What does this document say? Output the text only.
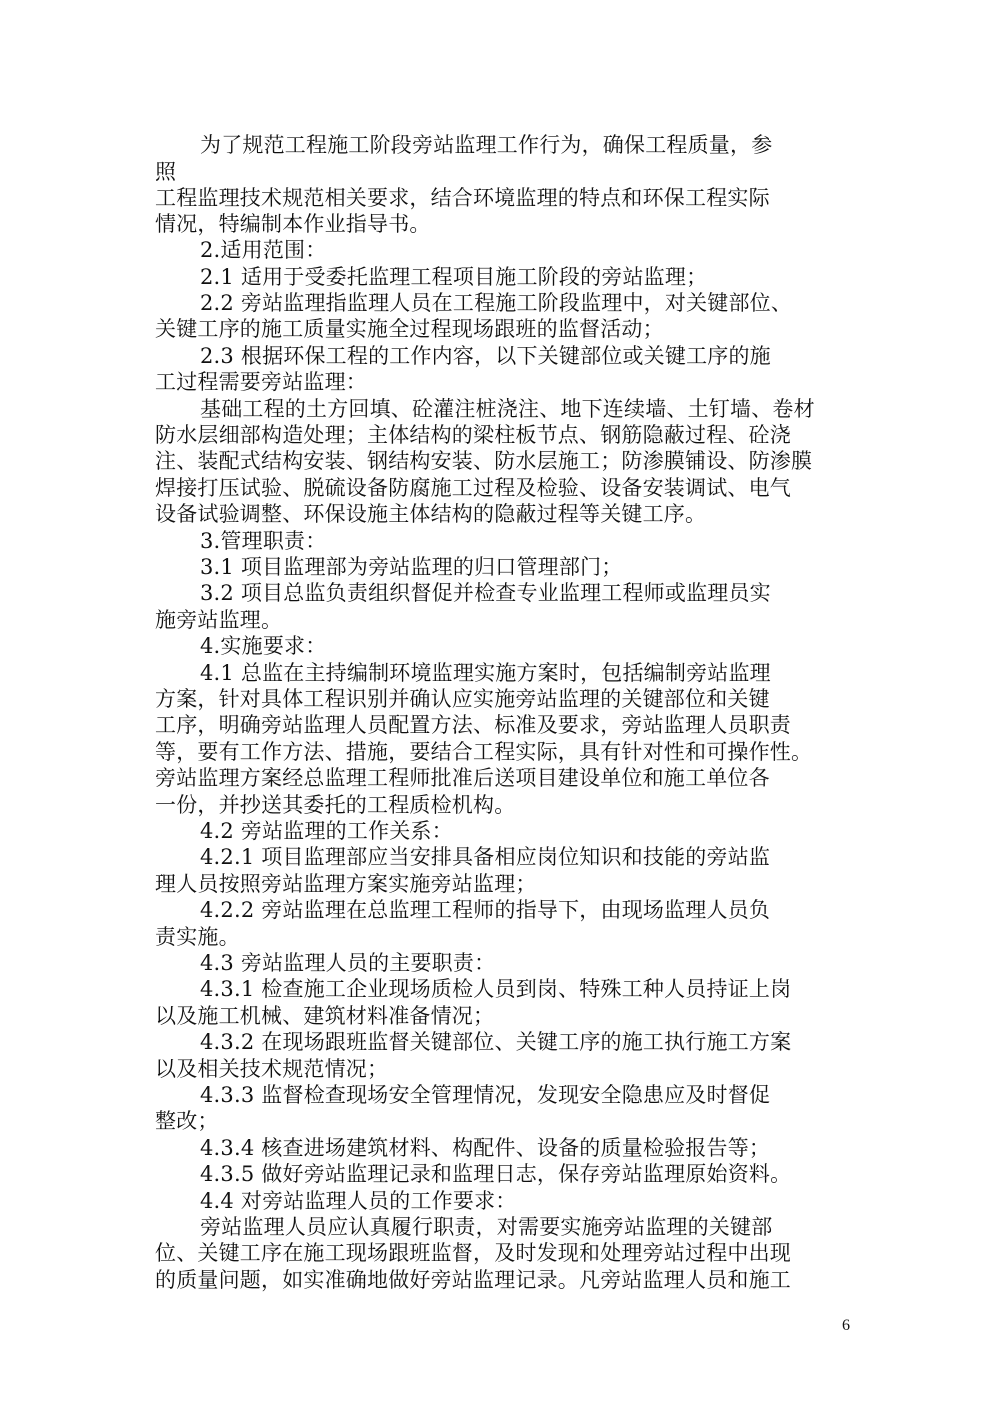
为了规范工程施工阶段旁站监理工作行为，确保工程质量，参
照
工程监理技术规范相关要求，结合环境监理的特点和环保工程实际
情况，特编制本作业指导书。
2.适用范围：
2.1 适用于受委托监理工程项目施工阶段的旁站监理；
2.2 旁站监理指监理人员在工程施工阶段监理中，对关键部位、
关键工序的施工质量实施全过程现场跟班的监督活动；
2.3 根据环保工程的工作内容，以下关键部位或关键工序的施
工过程需要旁站监理：
基础工程的土方回填、砼灌注桩浇注、地下连续墙、土钉墙、卷材
防水层细部构造处理；主体结构的梁柱板节点、钢筋隐蔽过程、砼浇
注、装配式结构安装、钢结构安装、防水层施工；防渗膜铺设、防渗膜
焊接打压试验、脱硫设备防腐施工过程及检验、设备安装调试、电气
设备试验调整、环保设施主体结构的隐蔽过程等关键工序。
3.管理职责：
3.1 项目监理部为旁站监理的归口管理部门；
3.2 项目总监负责组织督促并检查专业监理工程师或监理员实
施旁站监理。
4.实施要求：
4.1 总监在主持编制环境监理实施方案时，包括编制旁站监理
方案，针对具体工程识别并确认应实施旁站监理的关键部位和关键
工序，明确旁站监理人员配置方法、标准及要求，旁站监理人员职责
等，要有工作方法、措施，要结合工程实际，具有针对性和可操作性。
旁站监理方案经总监理工程师批准后送项目建设单位和施工单位各
一份，并抄送其委托的工程质检机构。
4.2 旁站监理的工作关系：
4.2.1 项目监理部应当安排具备相应岗位知识和技能的旁站监
理人员按照旁站监理方案实施旁站监理；
4.2.2 旁站监理在总监理工程师的指导下，由现场监理人员负
责实施。
4.3 旁站监理人员的主要职责：
4.3.1 检查施工企业现场质检人员到岗、特殊工种人员持证上岗
以及施工机械、建筑材料准备情况；
4.3.2 在现场跟班监督关键部位、关键工序的施工执行施工方案
以及相关技术规范情况；
4.3.3 监督检查现场安全管理情况，发现安全隐患应及时督促
整改；
4.3.4 核查进场建筑材料、构配件、设备的质量检验报告等；
4.3.5 做好旁站监理记录和监理日志，保存旁站监理原始资料。
4.4 对旁站监理人员的工作要求：
旁站监理人员应认真履行职责，对需要实施旁站监理的关键部
位、关键工序在施工现场跟班监督，及时发现和处理旁站过程中出现
的质量问题，如实准确地做好旁站监理记录。凡旁站监理人员和施工
6
